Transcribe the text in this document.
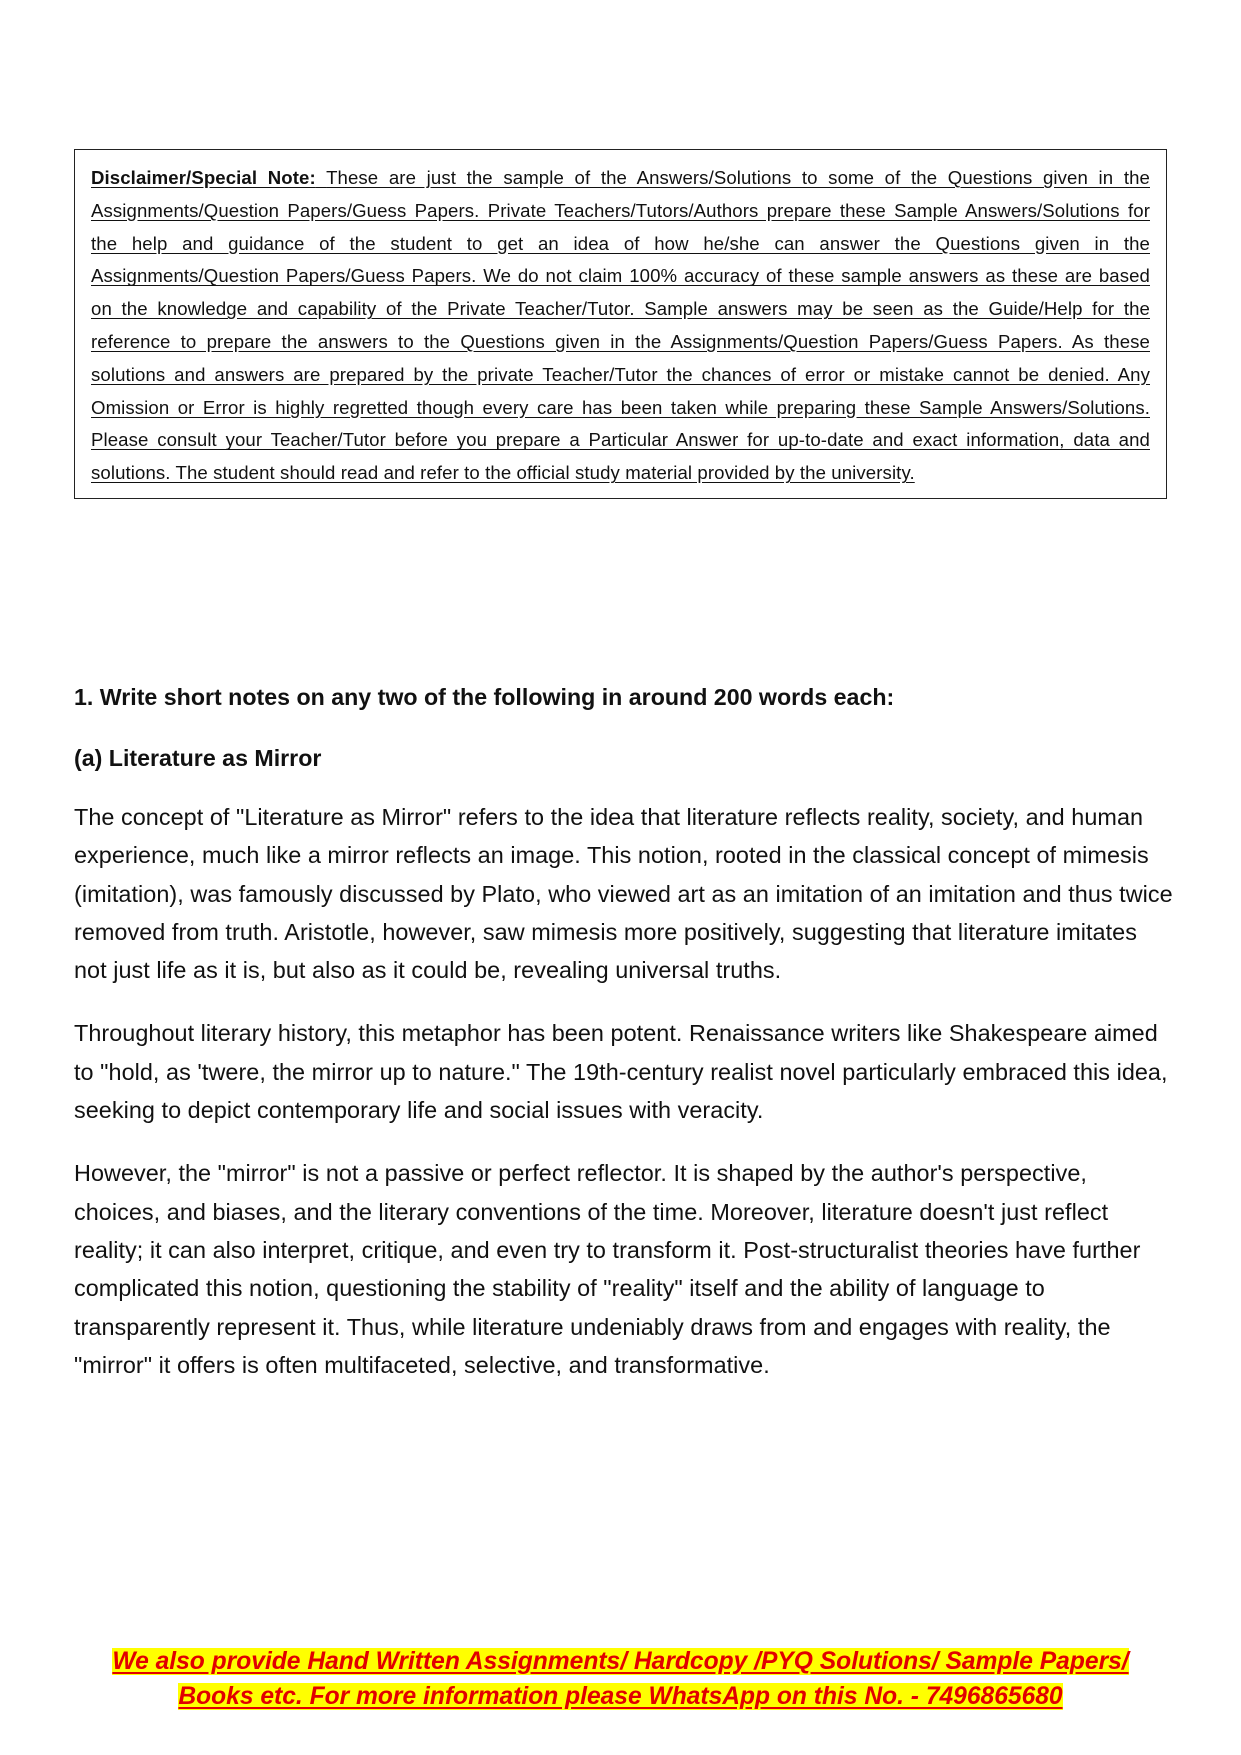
Disclaimer/Special Note: These are just the sample of the Answers/Solutions to some of the Questions given in the Assignments/Question Papers/Guess Papers. Private Teachers/Tutors/Authors prepare these Sample Answers/Solutions for the help and guidance of the student to get an idea of how he/she can answer the Questions given in the Assignments/Question Papers/Guess Papers. We do not claim 100% accuracy of these sample answers as these are based on the knowledge and capability of the Private Teacher/Tutor. Sample answers may be seen as the Guide/Help for the reference to prepare the answers to the Questions given in the Assignments/Question Papers/Guess Papers. As these solutions and answers are prepared by the private Teacher/Tutor the chances of error or mistake cannot be denied. Any Omission or Error is highly regretted though every care has been taken while preparing these Sample Answers/Solutions. Please consult your Teacher/Tutor before you prepare a Particular Answer for up-to-date and exact information, data and solutions. The student should read and refer to the official study material provided by the university.
1. Write short notes on any two of the following in around 200 words each:
(a) Literature as Mirror

The concept of "Literature as Mirror" refers to the idea that literature reflects reality, society, and human experience, much like a mirror reflects an image. This notion, rooted in the classical concept of mimesis (imitation), was famously discussed by Plato, who viewed art as an imitation of an imitation and thus twice removed from truth. Aristotle, however, saw mimesis more positively, suggesting that literature imitates not just life as it is, but also as it could be, revealing universal truths.

Throughout literary history, this metaphor has been potent. Renaissance writers like Shakespeare aimed to "hold, as 'twere, the mirror up to nature." The 19th-century realist novel particularly embraced this idea, seeking to depict contemporary life and social issues with veracity.

However, the "mirror" is not a passive or perfect reflector. It is shaped by the author's perspective, choices, and biases, and the literary conventions of the time. Moreover, literature doesn't just reflect reality; it can also interpret, critique, and even try to transform it. Post-structuralist theories have further complicated this notion, questioning the stability of "reality" itself and the ability of language to transparently represent it. Thus, while literature undeniably draws from and engages with reality, the "mirror" it offers is often multifaceted, selective, and transformative.

We also provide Hand Written Assignments/ Hardcopy /PYQ Solutions/ Sample Papers/
Books etc. For more information please WhatsApp on this No. - 7496865680
